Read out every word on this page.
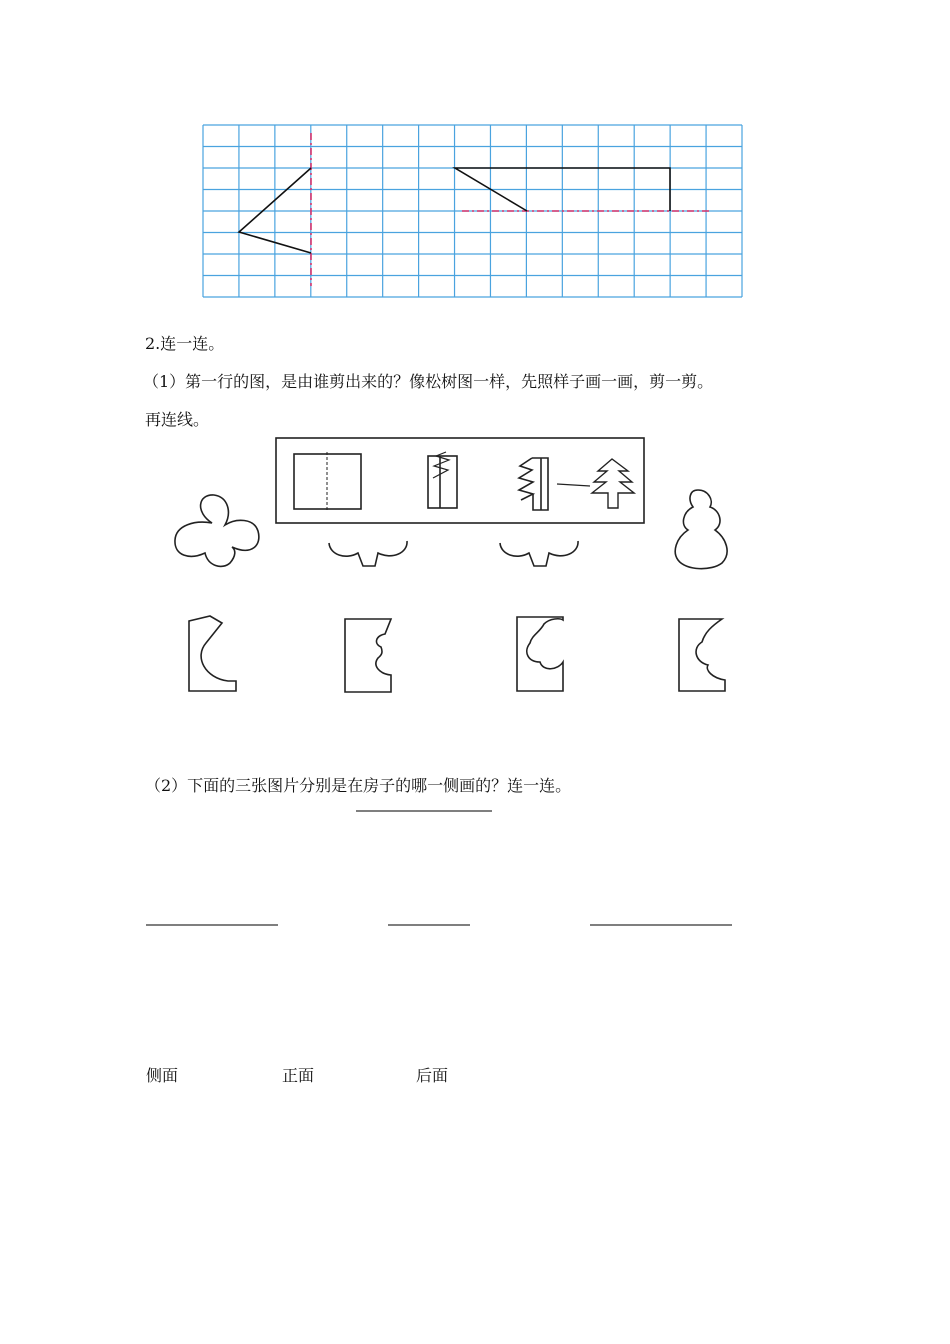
2.连一连。
（1）第一行的图，是由谁剪出来的？像松树图一样，先照样子画一画，剪一剪。
再连线。
（2）下面的三张图片分别是在房子的哪一侧画的？连一连。
侧面	正面	后面
